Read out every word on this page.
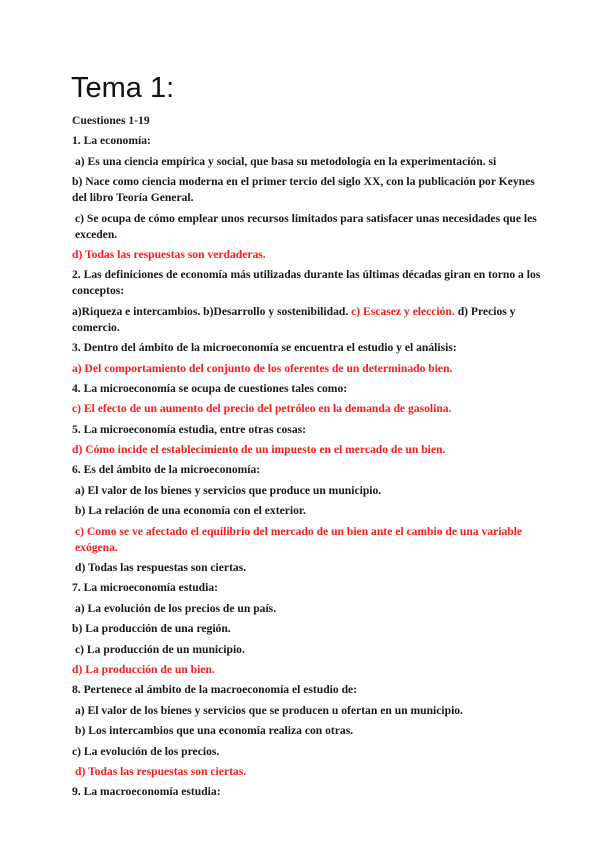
Tema 1:
Cuestiones 1-19
1. La economía:
a) Es una ciencia empírica y social, que basa su metodología en la experimentación. si
b) Nace como ciencia moderna en el primer tercio del siglo XX, con la publicación por Keynes del libro Teoría General.
c) Se ocupa de cómo emplear unos recursos limitados para satisfacer unas necesidades que les exceden.
d) Todas las respuestas son verdaderas.
2. Las definiciones de economía más utilizadas durante las últimas décadas giran en torno a los conceptos:
a)Riqueza e intercambios. b)Desarrollo y sostenibilidad. c) Escasez y elección. d) Precios y comercio.
3. Dentro del ámbito de la microeconomía se encuentra el estudio y el análisis:
a) Del comportamiento del conjunto de los oferentes de un determinado bien.
4. La microeconomía se ocupa de cuestiones tales como:
c) El efecto de un aumento del precio del petróleo en la demanda de gasolina.
5. La microeconomía estudia, entre otras cosas:
d) Cómo incide el establecimiento de un impuesto en el mercado de un bien.
6. Es del ámbito de la microeconomía:
a) El valor de los bienes y servicios que produce un municipio.
b) La relación de una economía con el exterior.
c) Como se ve afectado el equilibrio del mercado de un bien ante el cambio de una variable exógena.
d) Todas las respuestas son ciertas.
7. La microeconomía estudia:
a) La evolución de los precios de un país.
b) La producción de una región.
c) La producción de un municipio.
d) La producción de un bien.
8. Pertenece al ámbito de la macroeconomía el estudio de:
a) El valor de los bienes y servicios que se producen u ofertan en un municipio.
b) Los intercambios que una economía realiza con otras.
c) La evolución de los precios.
d) Todas las respuestas son ciertas.
9. La macroeconomía estudia:
